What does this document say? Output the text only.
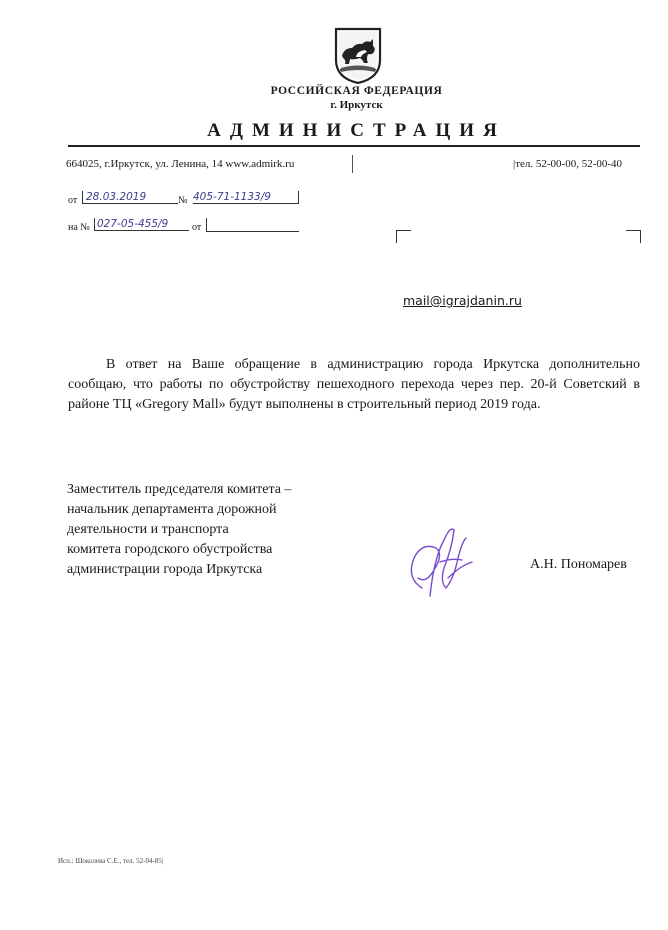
РОССИЙСКАЯ ФЕДЕРАЦИЯ
г. Иркутск
АДМИНИСТРАЦИЯ
664025, г.Иркутск, ул. Ленина, 14 www.admirk.ru	|тел. 52-00-00, 52-00-40
от 28.03.2019	№ 405-71-1133/9
на № 027-05-455/9	от
mail@igrajdanin.ru
В ответ на Ваше обращение в администрацию города Иркутска дополнительно сообщаю, что работы по обустройству пешеходного перехода через пер. 20-й Советский в районе ТЦ «Gregory Mall» будут выполнены в строительный период 2019 года.
Заместитель председателя комитета –
начальник департамента дорожной
деятельности и транспорта
комитета городского обустройства
администрации города Иркутска	А.Н. Пономарев
Исп.: Шоколева С.Е., тел. 52-04-85|
